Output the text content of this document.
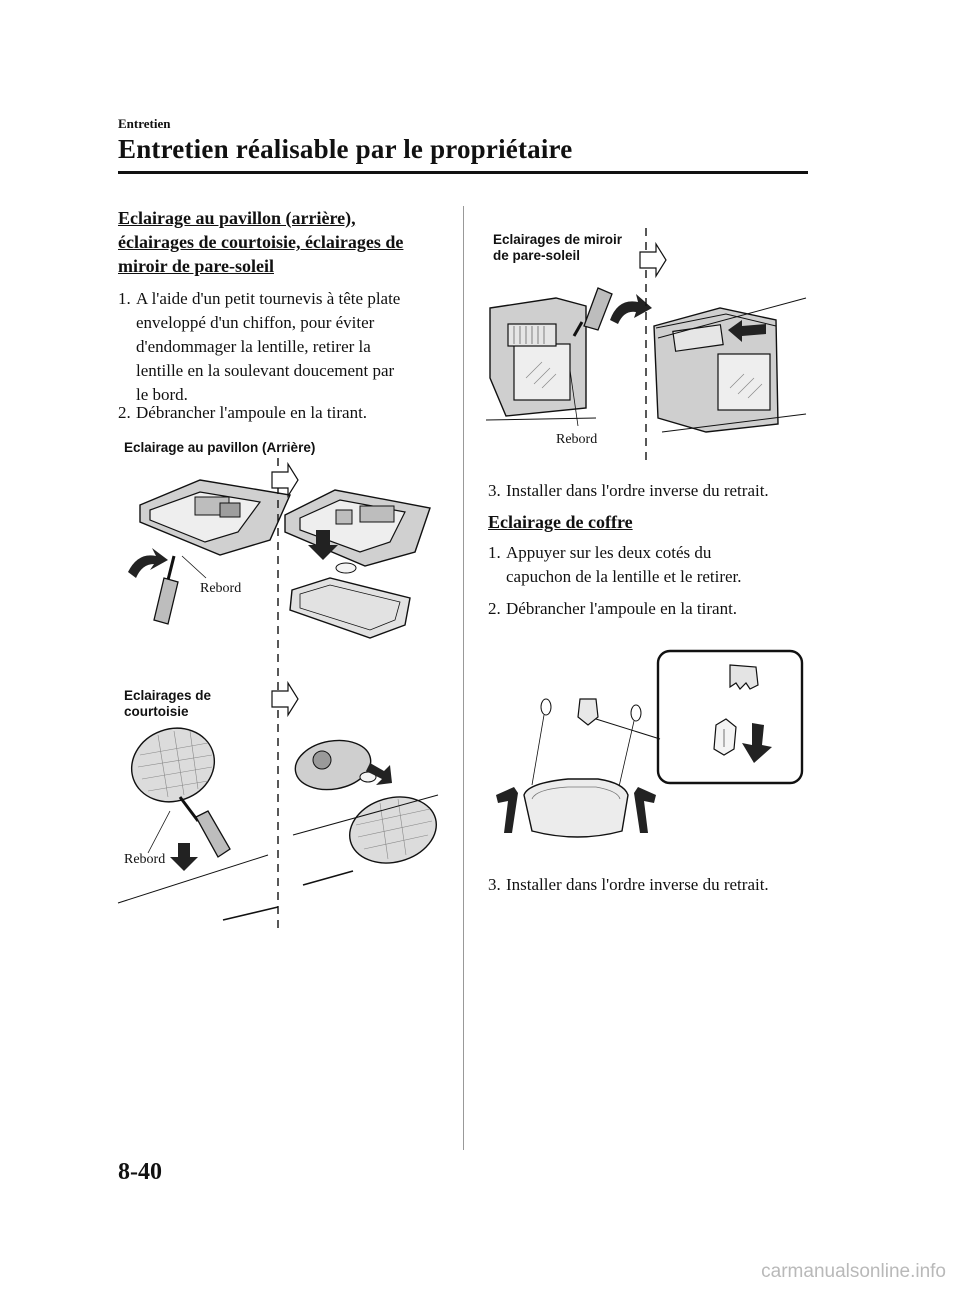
Entretien
Entretien réalisable par le propriétaire
Eclairage au pavillon (arrière),
éclairages de courtoisie, éclairages de
miroir de pare-soleil
1. A l'aide d'un petit tournevis à tête plate
enveloppé d'un chiffon, pour éviter
d'endommager la lentille, retirer la
lentille en la soulevant doucement par
le bord.
2. Débrancher l'ampoule en la tirant.
Eclairage au pavillon (Arrière)
Rebord
Eclairages de
courtoisie
Rebord
Eclairages de miroir
de pare-soleil
Rebord
3. Installer dans l'ordre inverse du retrait.
Eclairage de coffre
1. Appuyer sur les deux cotés du
capuchon de la lentille et le retirer.
2. Débrancher l'ampoule en la tirant.
3. Installer dans l'ordre inverse du retrait.
8-40
carmanualsonline.info
